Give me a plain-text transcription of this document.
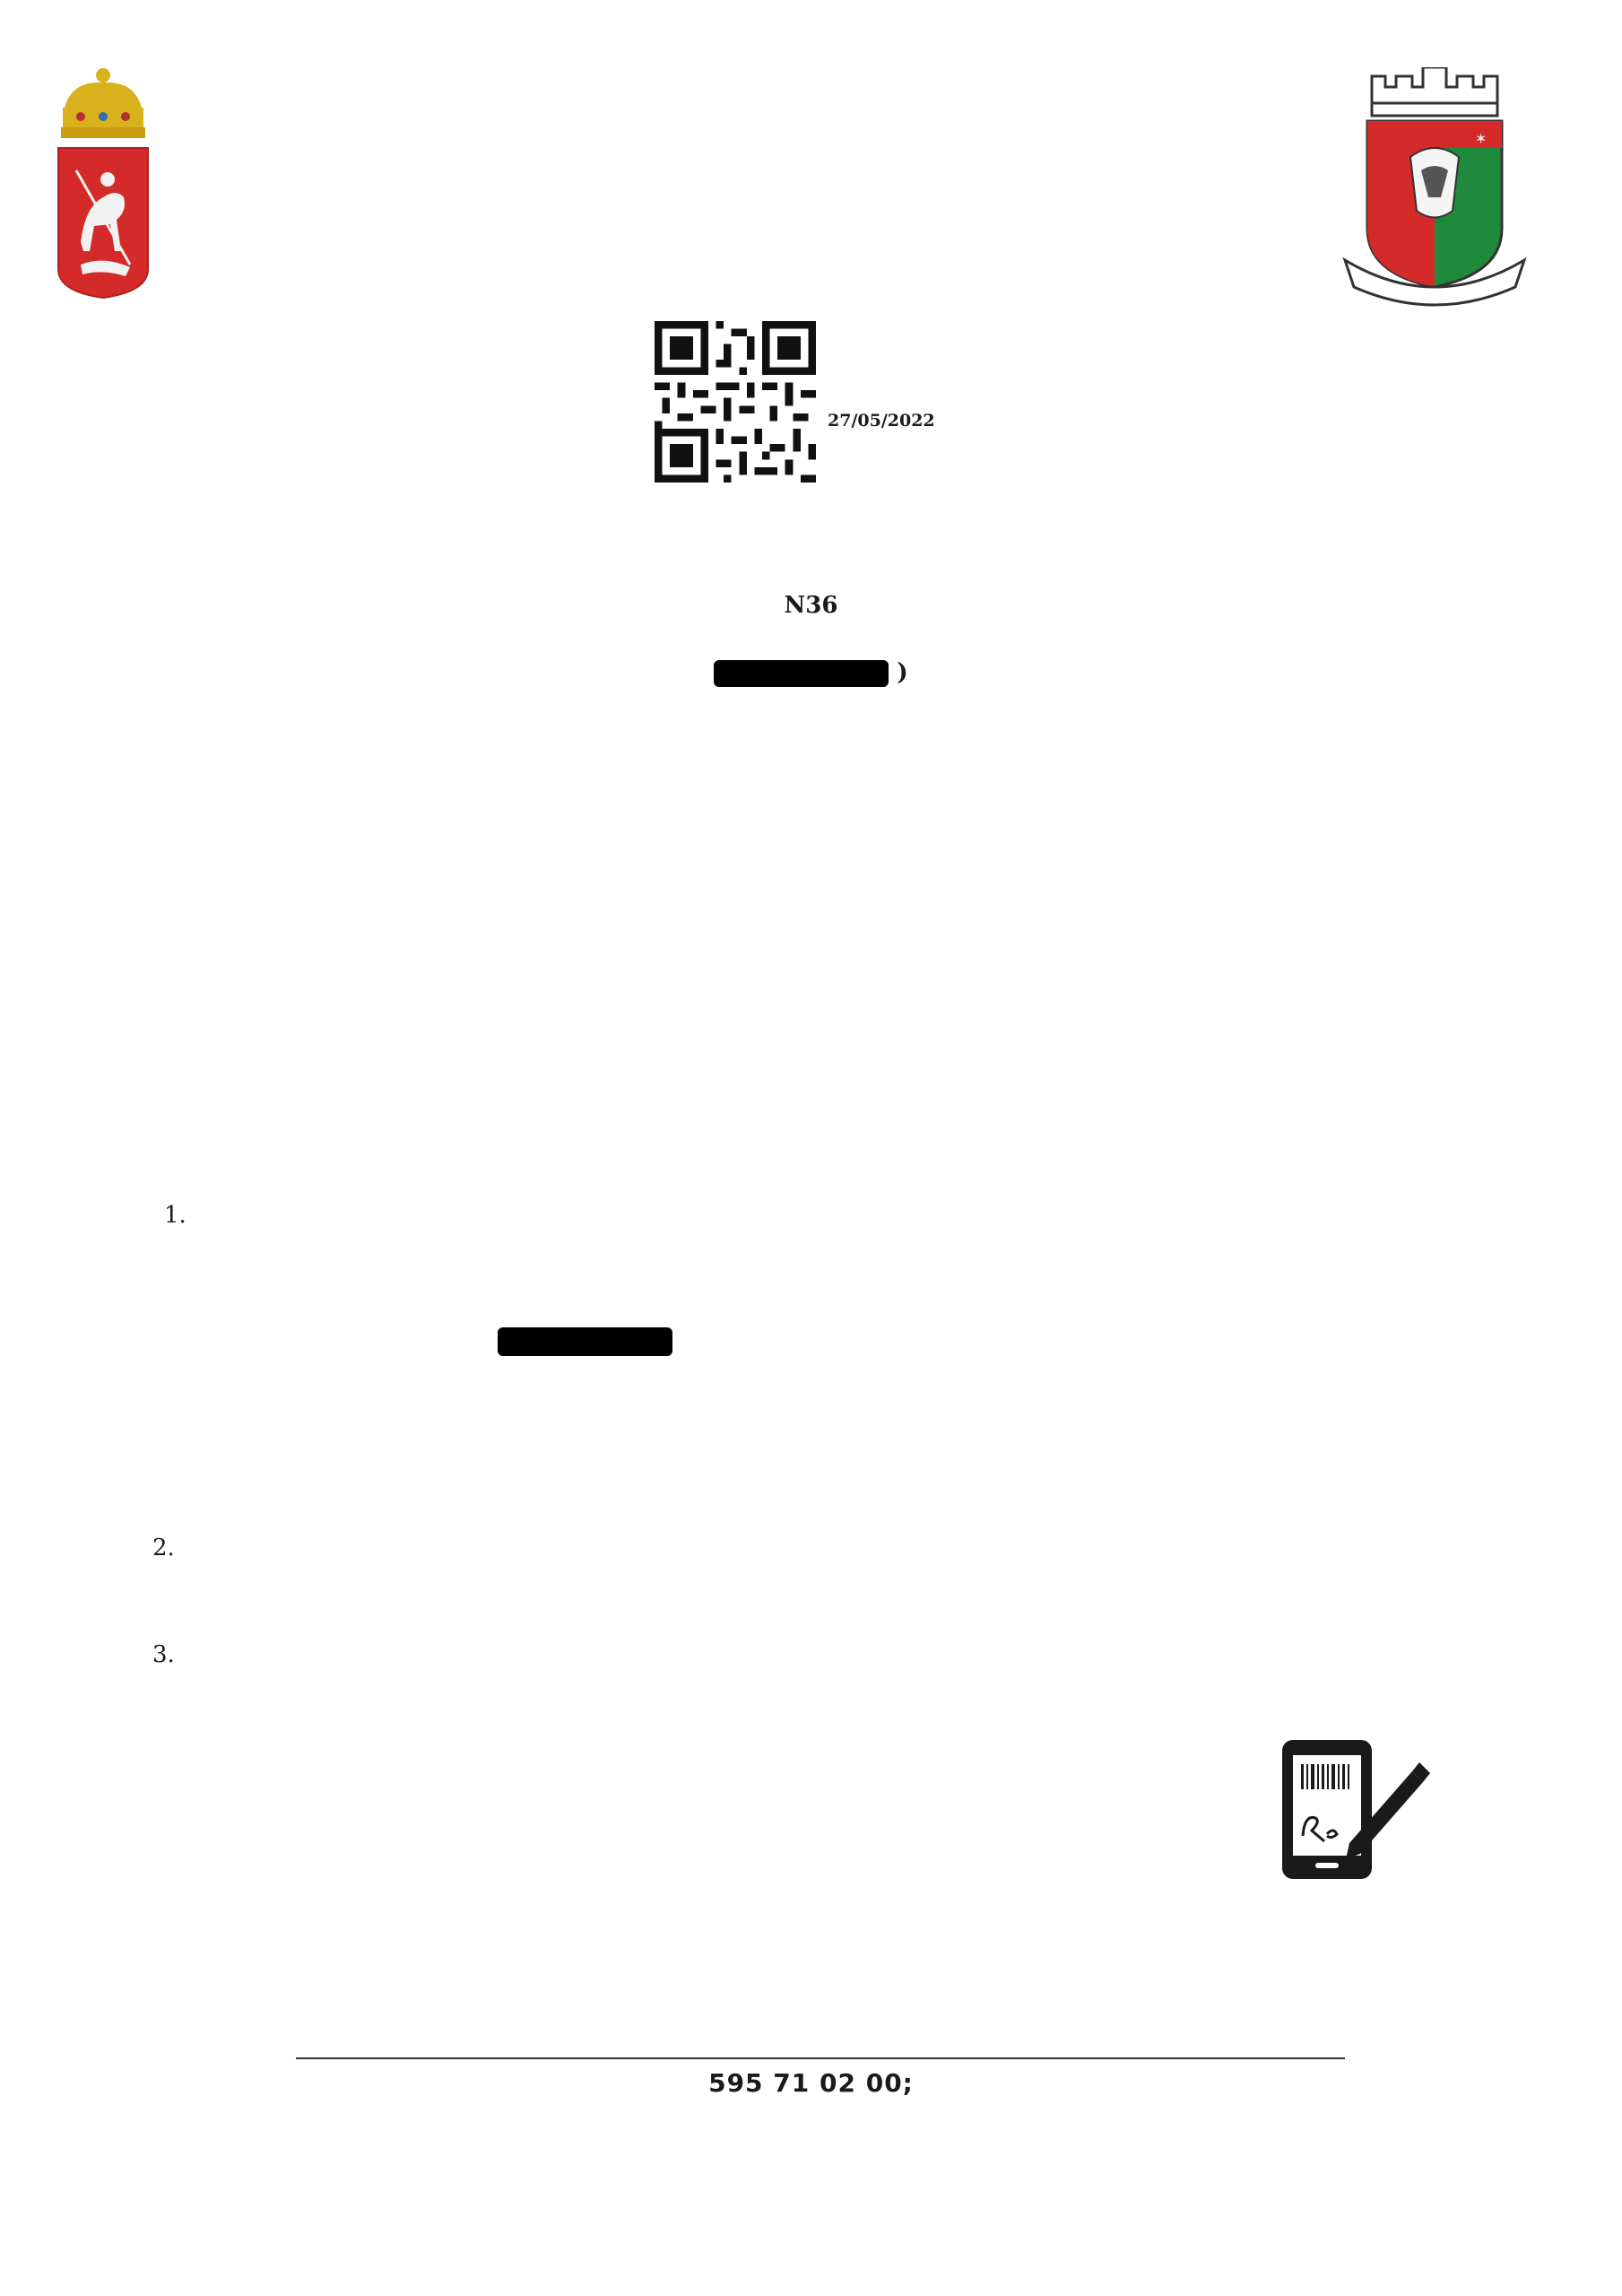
✶
27/05/2022
N36
)
1.
2.
3.
595 71 02 00;
